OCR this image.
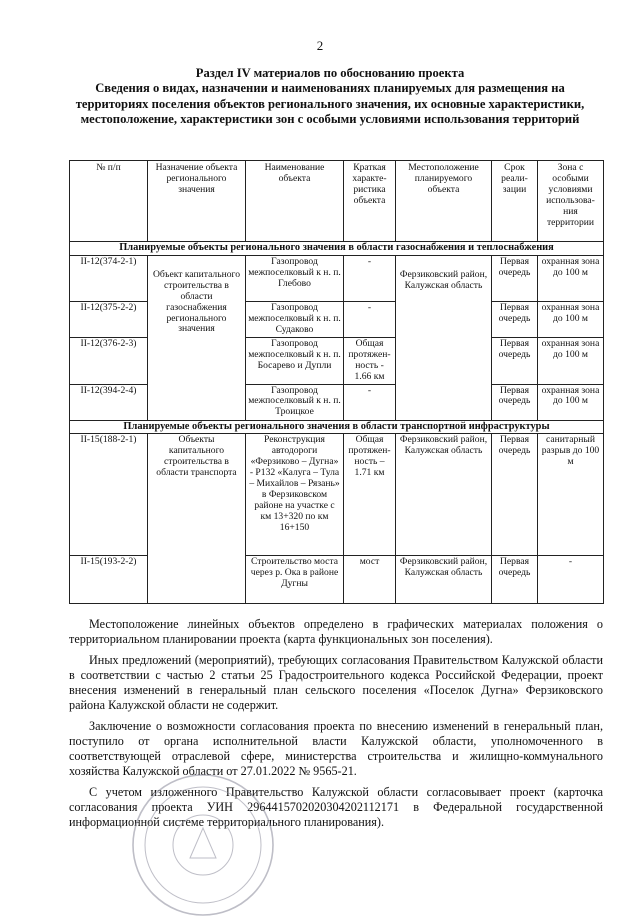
2
Раздел IV материалов по обоснованию проекта
Сведения о видах, назначении и наименованиях планируемых для размещения на территориях поселения объектов регионального значения, их основные характеристики, местоположение, характеристики зон с особыми условиями использования территорий
№ п/п	Назначение объекта регионального значения	Наименование объекта	Краткая характе-ристика объекта	Местоположение планируемого объекта	Срок реали-зации	Зона с особыми условиями использова-ния территории
Планируемые объекты регионального значения в области газоснабжения и теплоснабжения						
II-12(374-2-1)	Объект капитального строительства в области газоснабжения регионального значения	Газопровод межпоселковый к н. п. Глебово	-	Ферзиковский район, Калужская область	Первая очередь	охранная зона до 100 м
II-12(375-2-2)		Газопровод межпоселковый к н. п. Судаково	-		Первая очередь	охранная зона до 100 м
II-12(376-2-3)		Газопровод межпоселковый к н. п. Босарево и Дупли	Общая протяжен-ность - 1.66 км		Первая очередь	охранная зона до 100 м
II-12(394-2-4)		Газопровод межпоселковый к н. п. Троицкое	-		Первая очередь	охранная зона до 100 м
Планируемые объекты регионального значения в области транспортной инфраструктуры						
II-15(188-2-1)	Объекты капитального строительства в области транспорта	Реконструкция автодороги «Ферзиково – Дугна» - Р132 «Калуга – Тула – Михайлов – Рязань» в Ферзиковском районе на участке с км 13+320 по км 16+150	Общая протяжен-ность – 1.71 км	Ферзиковский район, Калужская область	Первая очередь	санитарный разрыв до 100 м
II-15(193-2-2)		Строительство моста через р. Ока в районе Дугны	мост	Ферзиковский район, Калужская область	Первая очередь	-

Местоположение линейных объектов определено в графических материалах положения о территориальном планировании проекта (карта функциональных зон поселения).

Иных предложений (мероприятий), требующих согласования Правительством Калужской области в соответствии с частью 2 статьи 25 Градостроительного кодекса Российской Федерации, проект внесения изменений в генеральный план сельского поселения «Поселок Дугна» Ферзиковского района Калужской области не содержит.

Заключение о возможности согласования проекта по внесению изменений в генеральный план, поступило от органа исполнительной власти Калужской области, уполномоченного в соответствующей отраслевой сфере, министерства строительства и жилищно-коммунального хозяйства Калужской области от 27.01.2022 № 9565-21.

С учетом изложенного Правительство Калужской области согласовывает проект (карточка согласования проекта УИН 296441570202030420211217​1 в Федеральной государственной информационной системе территориального планирования).
